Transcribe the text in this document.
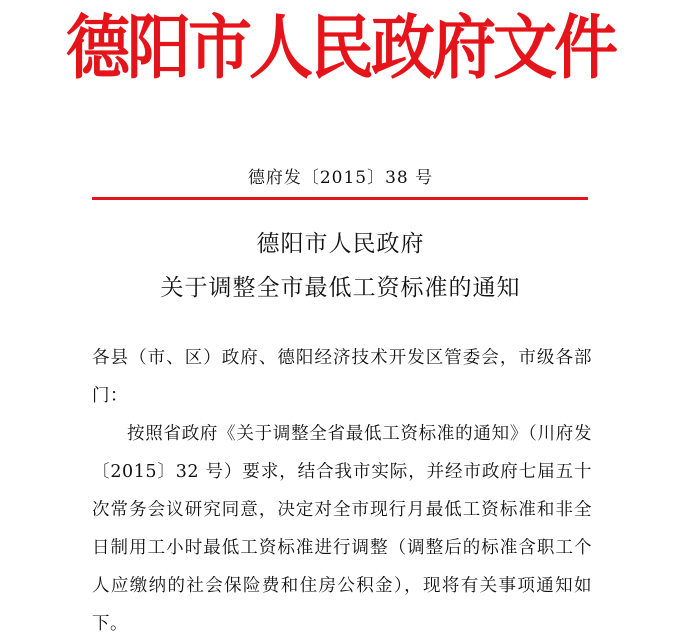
德阳市人民政府文件
德府发〔2015〕38 号
德阳市人民政府
关于调整全市最低工资标准的通知

各县（市、区）政府、德阳经济技术开发区管委会，市级各部门：

按照省政府《关于调整全省最低工资标准的通知》（川府发〔2015〕32 号）要求，结合我市实际，并经市政府七届五十次常务会议研究同意，决定对全市现行月最低工资标准和非全日制用工小时最低工资标准进行调整（调整后的标准含职工个人应缴纳的社会保险费和住房公积金），现将有关事项通知如下。
